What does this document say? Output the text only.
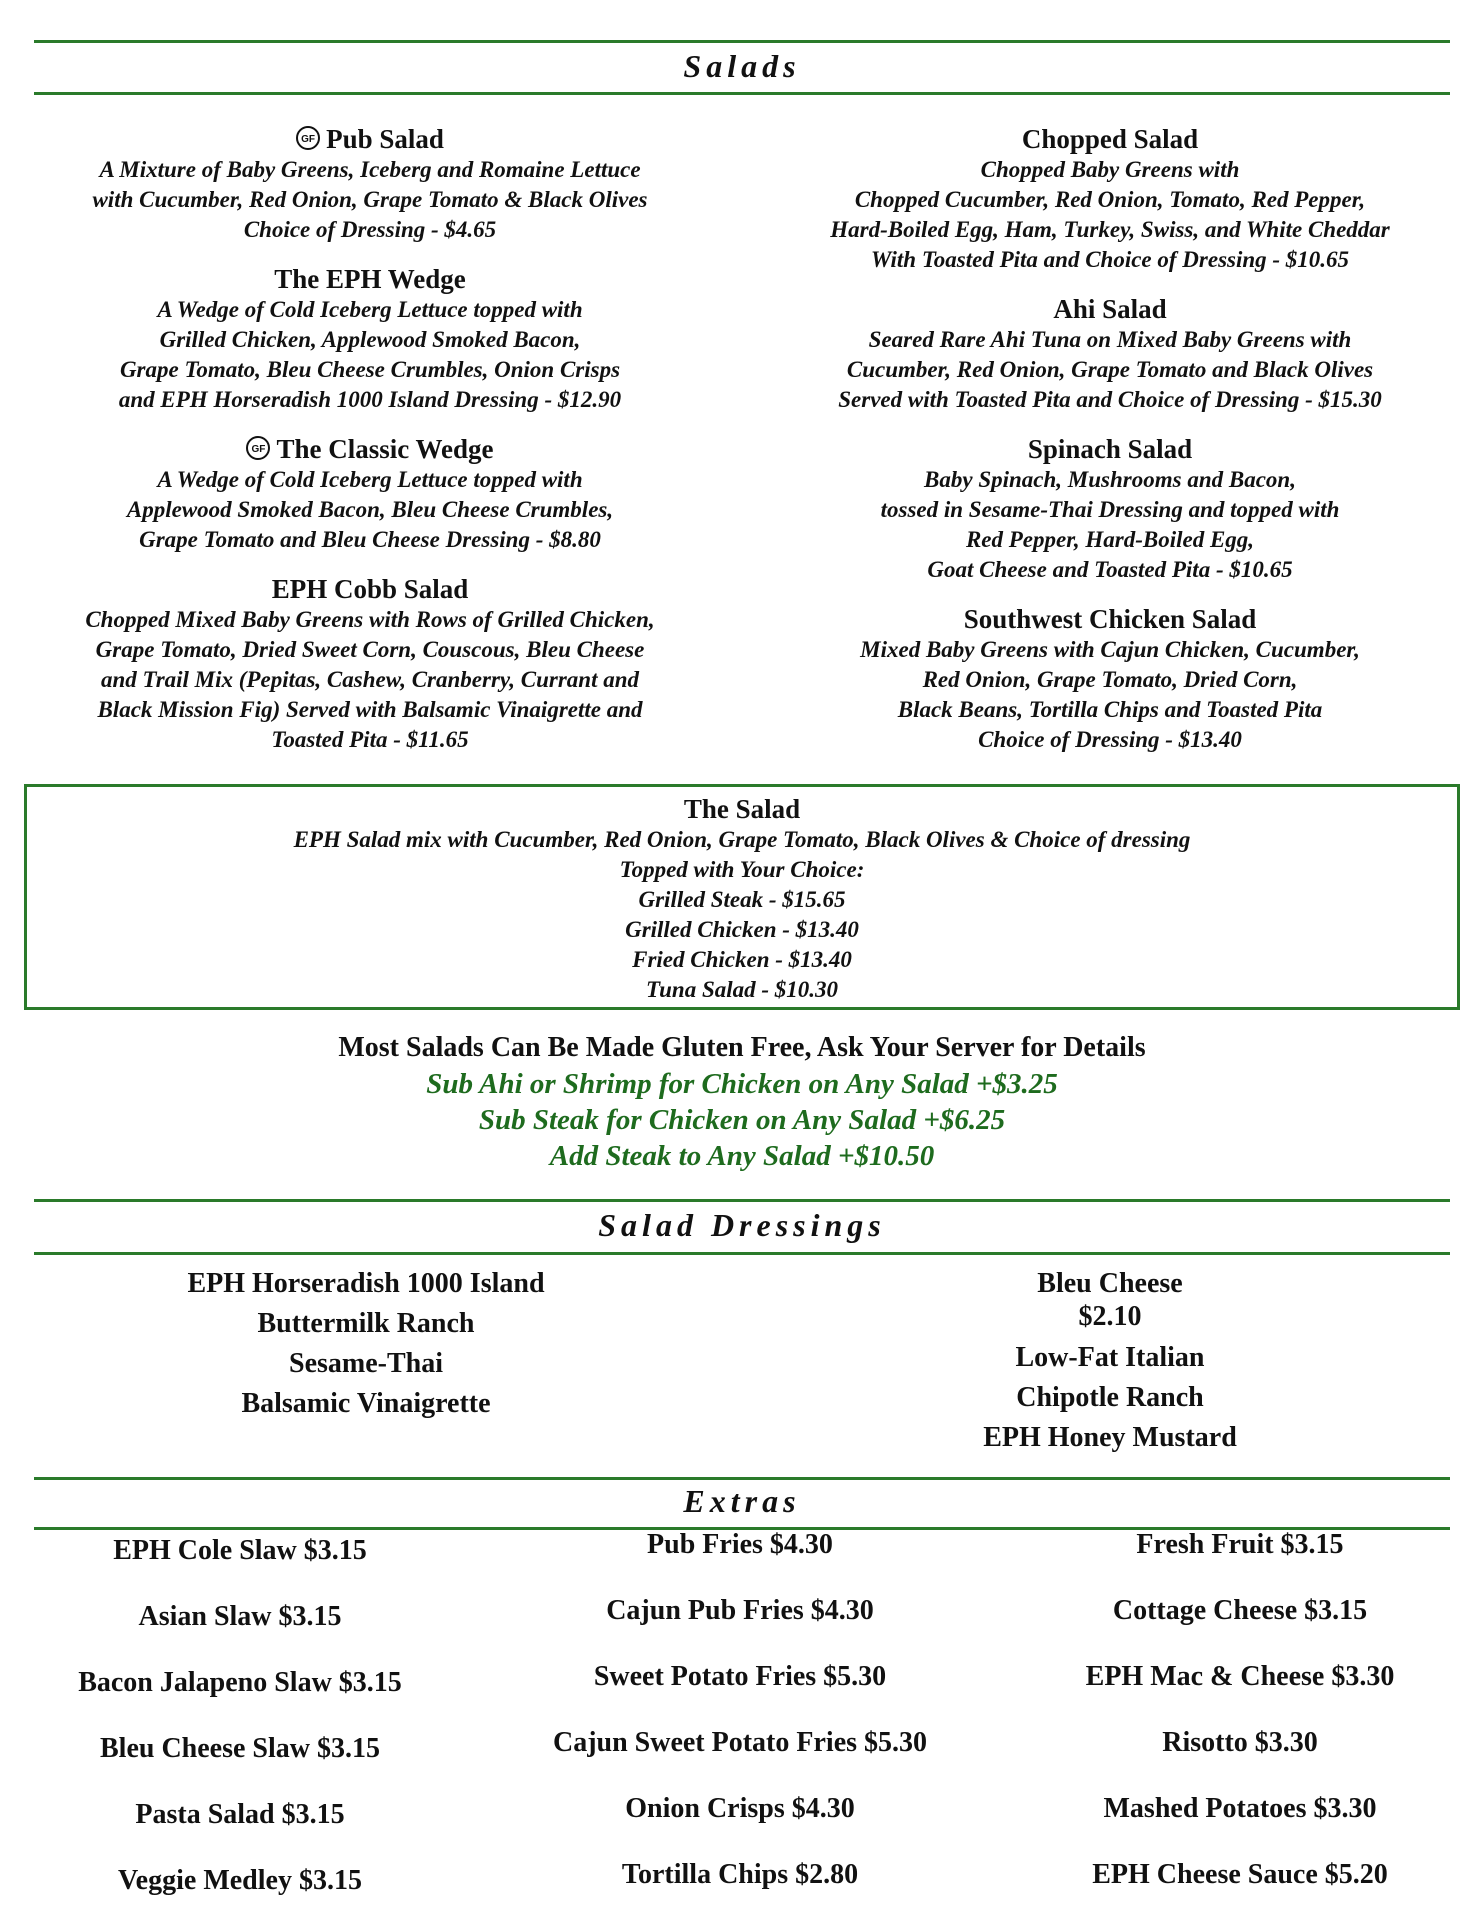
Salads
GF Pub Salad
A Mixture of Baby Greens, Iceberg and Romaine Lettuce
with Cucumber, Red Onion, Grape Tomato & Black Olives
Choice of Dressing - $4.65
The EPH Wedge
A Wedge of Cold Iceberg Lettuce topped with
Grilled Chicken, Applewood Smoked Bacon,
Grape Tomato, Bleu Cheese Crumbles, Onion Crisps
and EPH Horseradish 1000 Island Dressing - $12.90
GF The Classic Wedge
A Wedge of Cold Iceberg Lettuce topped with
Applewood Smoked Bacon, Bleu Cheese Crumbles,
Grape Tomato and Bleu Cheese Dressing - $8.80
EPH Cobb Salad
Chopped Mixed Baby Greens with Rows of Grilled Chicken,
Grape Tomato, Dried Sweet Corn, Couscous, Bleu Cheese
and Trail Mix (Pepitas, Cashew, Cranberry, Currant and
Black Mission Fig) Served with Balsamic Vinaigrette and
Toasted Pita - $11.65
Chopped Salad
Chopped Baby Greens with
Chopped Cucumber, Red Onion, Tomato, Red Pepper,
Hard-Boiled Egg, Ham, Turkey, Swiss, and White Cheddar
With Toasted Pita and Choice of Dressing - $10.65
Ahi Salad
Seared Rare Ahi Tuna on Mixed Baby Greens with
Cucumber, Red Onion, Grape Tomato and Black Olives
Served with Toasted Pita and Choice of Dressing - $15.30
Spinach Salad
Baby Spinach, Mushrooms and Bacon,
tossed in Sesame-Thai Dressing and topped with
Red Pepper, Hard-Boiled Egg,
Goat Cheese and Toasted Pita - $10.65
Southwest Chicken Salad
Mixed Baby Greens with Cajun Chicken, Cucumber,
Red Onion, Grape Tomato, Dried Corn,
Black Beans, Tortilla Chips and Toasted Pita
Choice of Dressing - $13.40
The Salad
EPH Salad mix with Cucumber, Red Onion, Grape Tomato, Black Olives & Choice of dressing
Topped with Your Choice:
Grilled Steak - $15.65
Grilled Chicken - $13.40
Fried Chicken - $13.40
Tuna Salad - $10.30
Most Salads Can Be Made Gluten Free, Ask Your Server for Details
Sub Ahi or Shrimp for Chicken on Any Salad +$3.25
Sub Steak for Chicken on Any Salad +$6.25
Add Steak to Any Salad +$10.50
Salad Dressings
EPH Horseradish 1000 Island
Buttermilk Ranch
Sesame-Thai
Balsamic Vinaigrette
Bleu Cheese
$2.10
Low-Fat Italian
Chipotle Ranch
EPH Honey Mustard
Extras
EPH Cole Slaw $3.15
Asian Slaw $3.15
Bacon Jalapeno Slaw $3.15
Bleu Cheese Slaw $3.15
Pasta Salad $3.15
Veggie Medley $3.15
Pub Fries $4.30
Cajun Pub Fries $4.30
Sweet Potato Fries $5.30
Cajun Sweet Potato Fries $5.30
Onion Crisps $4.30
Tortilla Chips $2.80
Fresh Fruit $3.15
Cottage Cheese $3.15
EPH Mac & Cheese $3.30
Risotto $3.30
Mashed Potatoes $3.30
EPH Cheese Sauce $5.20
